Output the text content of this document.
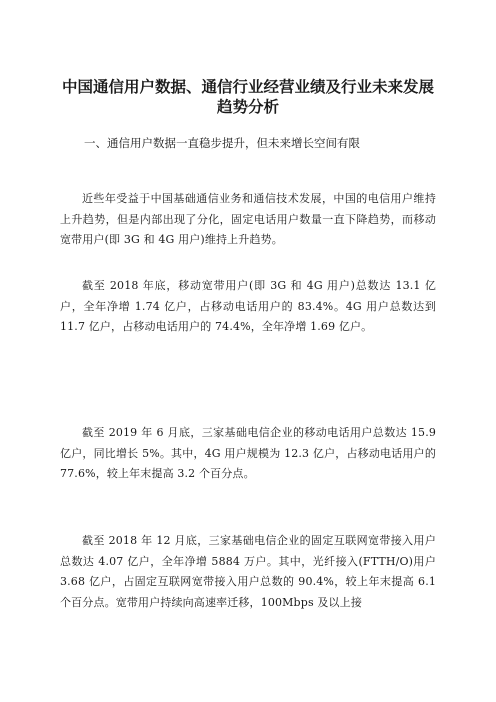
中国通信用户数据、通信行业经营业绩及行业未来发展趋势分析

一、通信用户数据一直稳步提升，但未来增长空间有限

近些年受益于中国基础通信业务和通信技术发展，中国的电信用户维持上升趋势，但是内部出现了分化，固定电话用户数量一直下降趋势，而移动宽带用户(即 3G 和 4G 用户)维持上升趋势。

截至 2018 年底，移动宽带用户(即 3G 和 4G 用户)总数达 13.1 亿户，全年净增 1.74 亿户，占移动电话用户的 83.4%。4G 用户总数达到 11.7 亿户，占移动电话用户的 74.4%，全年净增 1.69 亿户。

截至 2019 年 6 月底，三家基础电信企业的移动电话用户总数达 15.9 亿户，同比增长 5%。其中，4G 用户规模为 12.3 亿户，占移动电话用户的 77.6%，较上年末提高 3.2 个百分点。

截至 2018 年 12 月底，三家基础电信企业的固定互联网宽带接入用户总数达 4.07 亿户，全年净增 5884 万户。其中，光纤接入(FTTH/O)用户 3.68 亿户，占固定互联网宽带接入用户总数的 90.4%，较上年末提高 6.1 个百分点。宽带用户持续向高速率迁移，100Mbps 及以上接
